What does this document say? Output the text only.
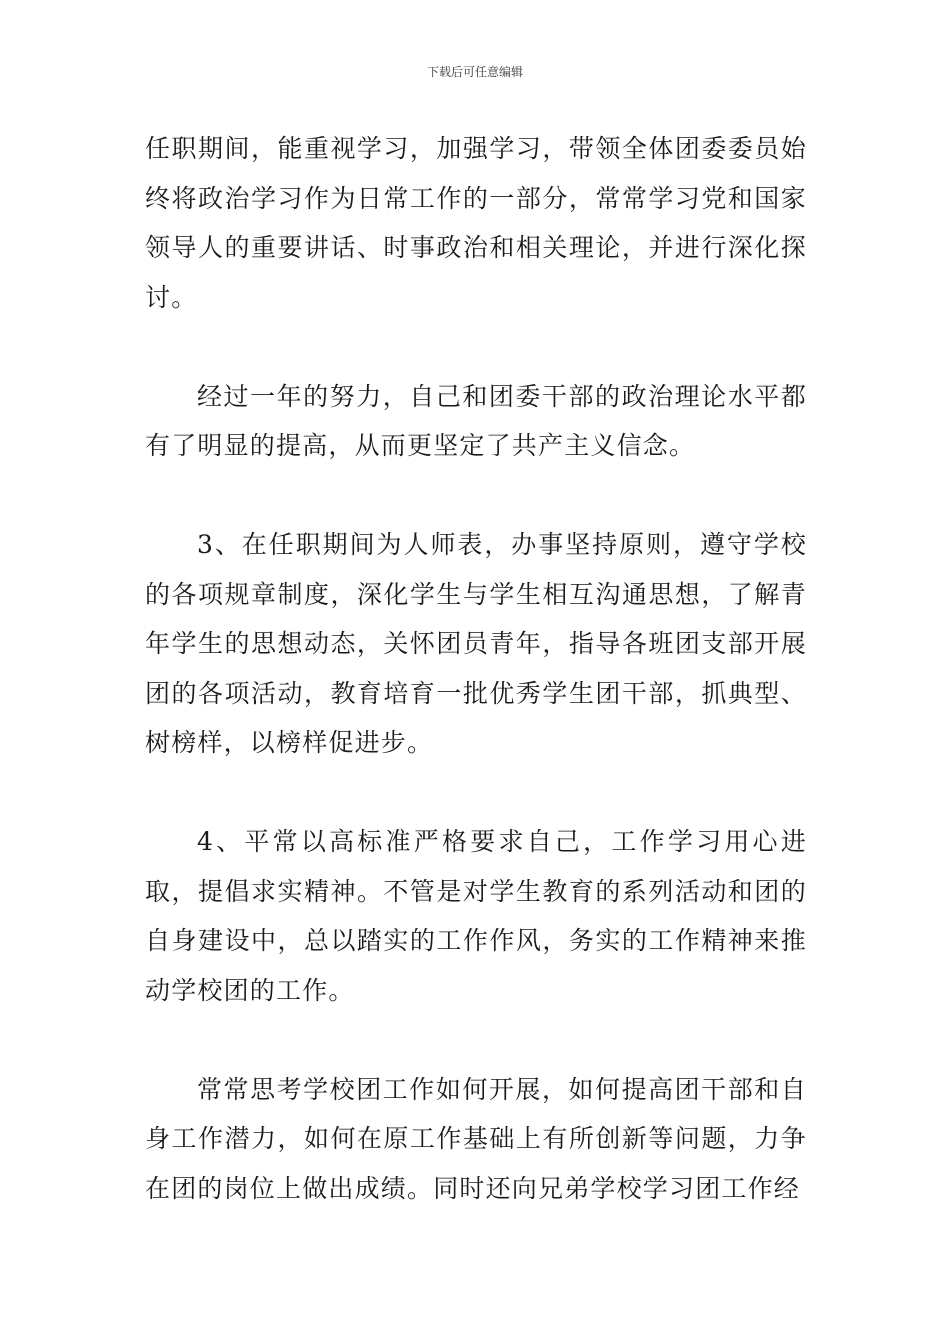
下载后可任意编辑

任职期间，能重视学习，加强学习，带领全体团委委员始终将政治学习作为日常工作的一部分，常常学习党和国家领导人的重要讲话、时事政治和相关理论，并进行深化探讨。

经过一年的努力，自己和团委干部的政治理论水平都有了明显的提高，从而更坚定了共产主义信念。

3、在任职期间为人师表，办事坚持原则，遵守学校的各项规章制度，深化学生与学生相互沟通思想，了解青年学生的思想动态，关怀团员青年，指导各班团支部开展团的各项活动，教育培育一批优秀学生团干部，抓典型、树榜样，以榜样促进步。

4、平常以高标准严格要求自己，工作学习用心进取，提倡求实精神。不管是对学生教育的系列活动和团的自身建设中，总以踏实的工作作风，务实的工作精神来推动学校团的工作。

常常思考学校团工作如何开展，如何提高团干部和自身工作潜力，如何在原工作基础上有所创新等问题，力争在团的岗位上做出成绩。同时还向兄弟学校学习团工作经
